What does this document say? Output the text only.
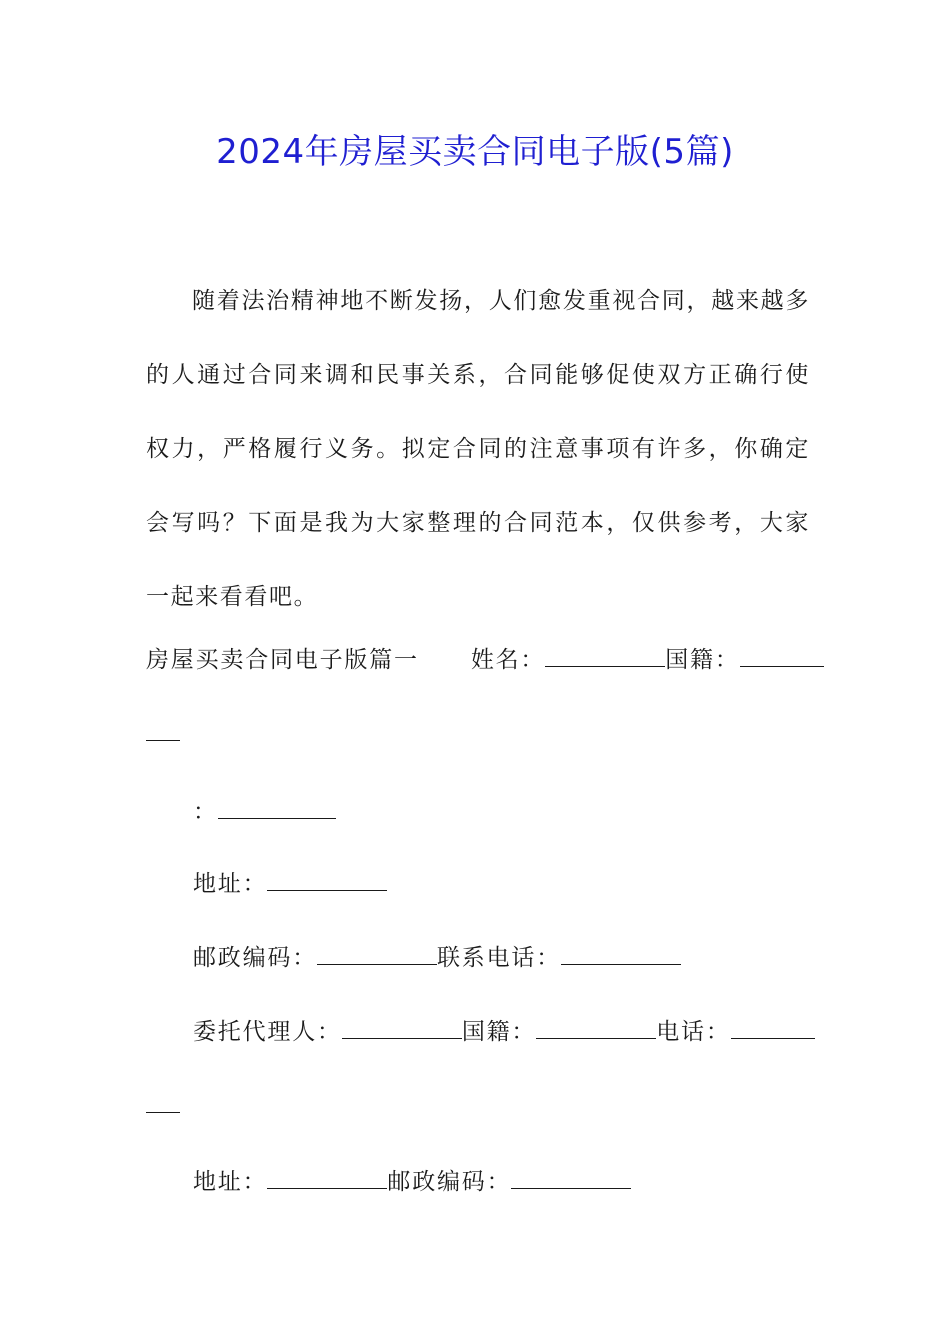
2024年房屋买卖合同电子版(5篇)
随着法治精神地不断发扬，人们愈发重视合同，越来越多的人通过合同来调和民事关系，合同能够促使双方正确行使权力，严格履行义务。拟定合同的注意事项有许多，你确定会写吗？下面是我为大家整理的合同范本，仅供参考，大家一起来看看吧。
房屋买卖合同电子版篇一 姓名：	国籍：
：
地址：
邮政编码：	联系电话：
委托代理人：	国籍：	电话：
地址：	邮政编码：
